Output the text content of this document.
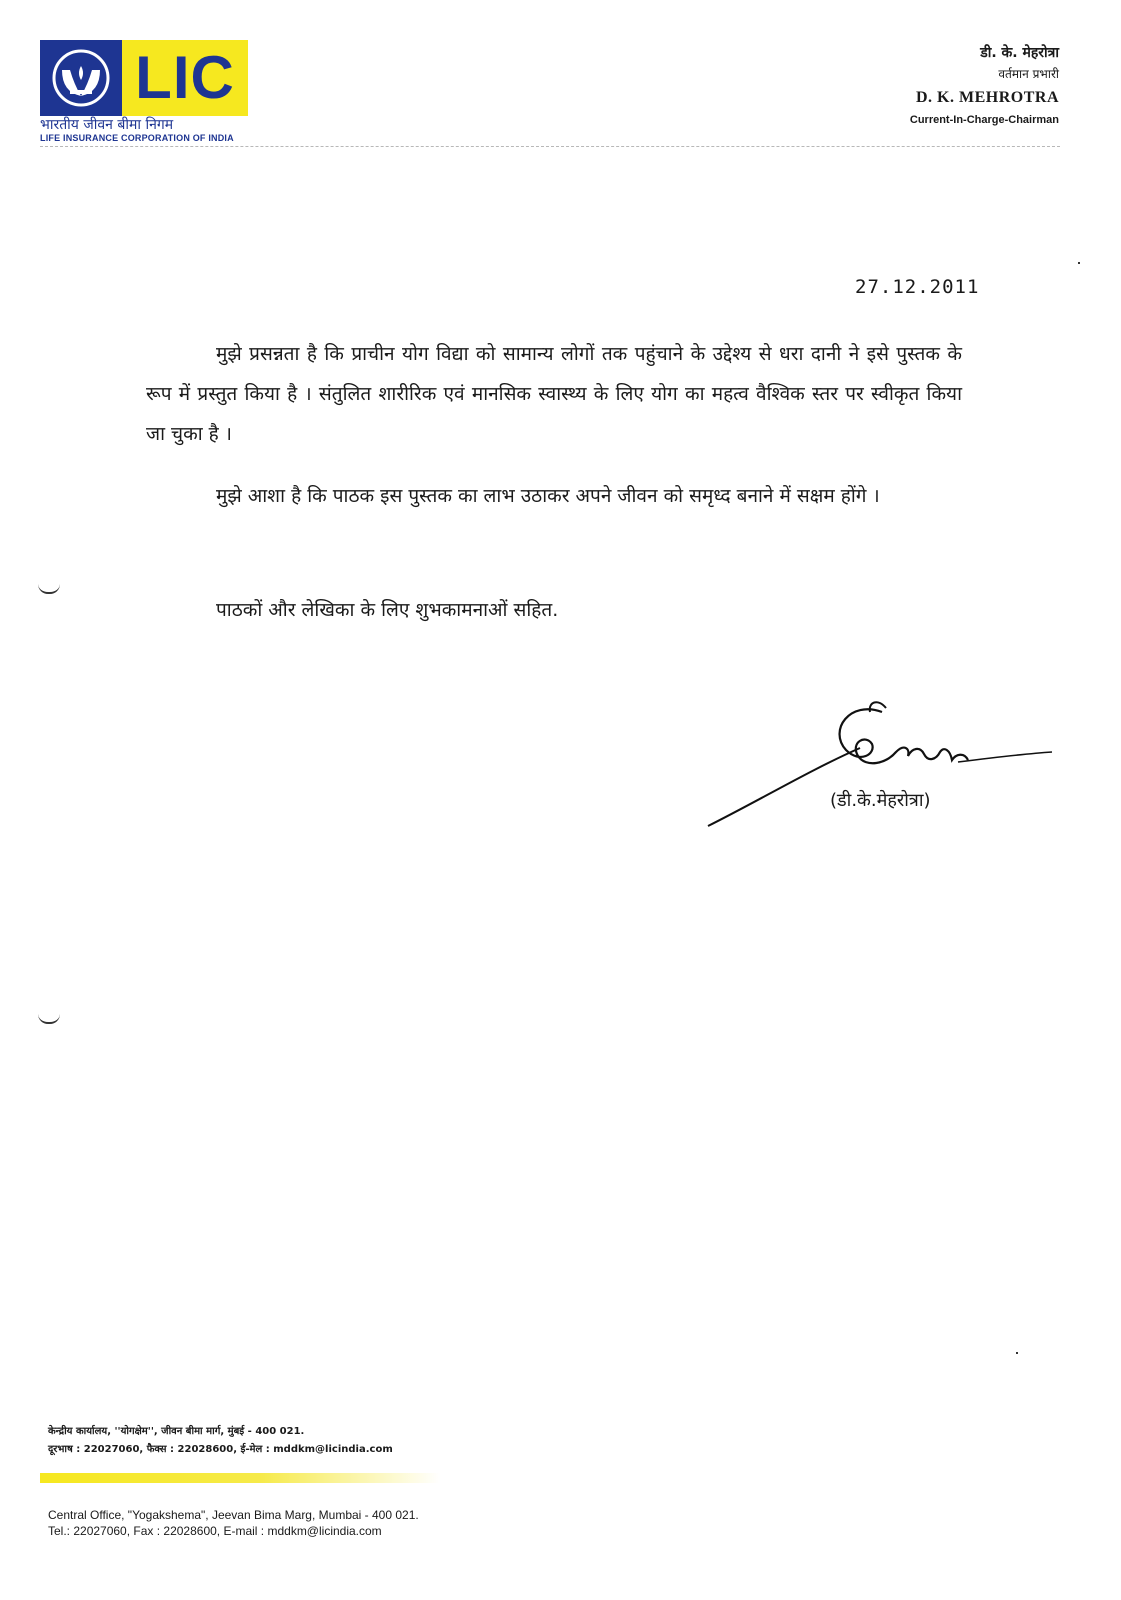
LIC
भारतीय जीवन बीमा निगम
LIFE INSURANCE CORPORATION OF INDIA
डी. के. मेहरोत्रा
वर्तमान प्रभारी
D. K. MEHROTRA
Current-In-Charge-Chairman
27.12.2011
मुझे प्रसन्नता है कि प्राचीन योग विद्या को सामान्य लोगों तक पहुंचाने के उद्देश्य से धरा दानी ने इसे पुस्तक के रूप में प्रस्तुत किया है । संतुलित शारीरिक एवं मानसिक स्वास्थ्य के लिए योग का महत्व वैश्विक स्तर पर स्वीकृत किया जा चुका है ।
मुझे आशा है कि पाठक इस पुस्तक का लाभ उठाकर अपने जीवन को समृध्द बनाने में सक्षम होंगे ।
पाठकों और लेखिका के लिए शुभकामनाओं सहित.
(डी.के.मेहरोत्रा)
केन्द्रीय कार्यालय, ''योगक्षेम'', जीवन बीमा मार्ग, मुंबई - 400 021.
दूरभाष : 22027060, फैक्स : 22028600, ई-मेल : mddkm@licindia.com
Central Office, "Yogakshema", Jeevan Bima Marg, Mumbai - 400 021.
Tel.: 22027060, Fax : 22028600, E-mail : mddkm@licindia.com
